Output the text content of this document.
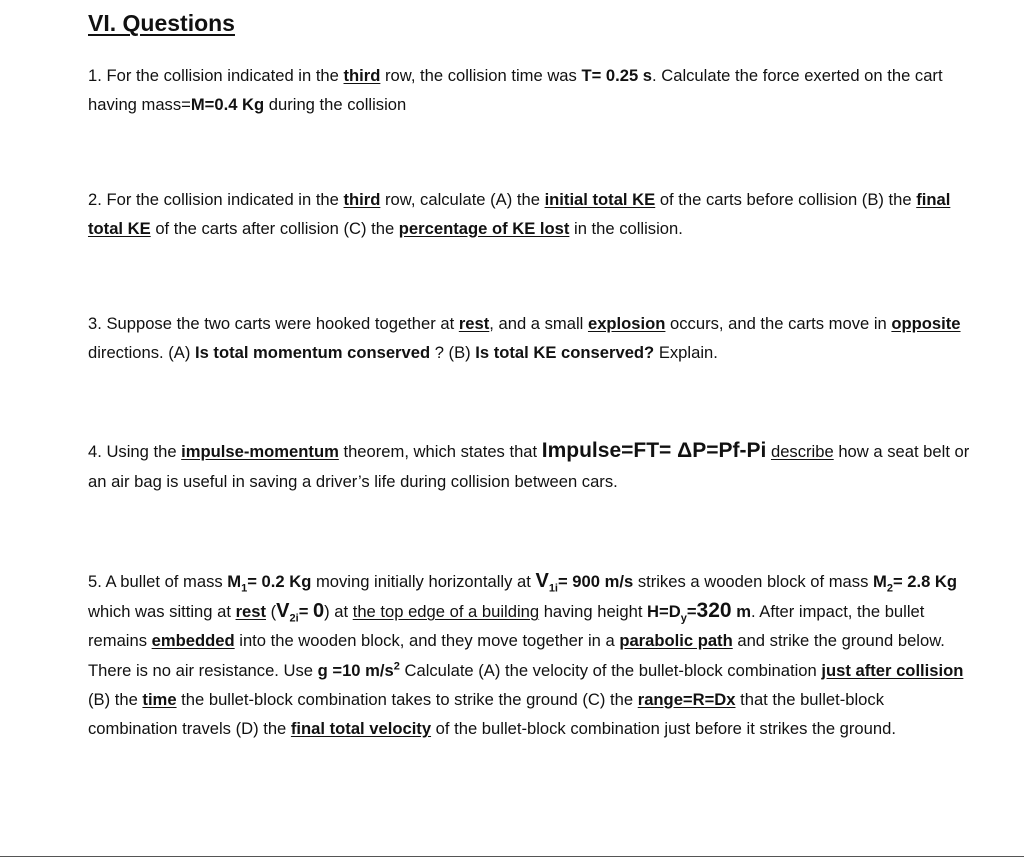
VI. Questions

1. For the collision indicated in the third row, the collision time was T= 0.25 s. Calculate the force exerted on the cart having mass=M=0.4 Kg during the collision

2. For the collision indicated in the third row, calculate (A) the initial total KE of the carts before collision (B) the final total KE of the carts after collision (C) the percentage of KE lost in the collision.

3. Suppose the two carts were hooked together at rest, and a small explosion occurs, and the carts move in opposite directions. (A) Is total momentum conserved ? (B) Is total KE conserved? Explain.

4. Using the impulse-momentum theorem, which states that Impulse=FT= ΔP=Pf-Pi describe how a seat belt or an air bag is useful in saving a driver’s life during collision between cars.

5. A bullet of mass $M_1= 0.2$ Kg moving initially horizontally at $V_{1i}= 900$ m/s strikes a wooden block of mass $M_2= 2.8$ Kg which was sitting at rest $(V_{2i}= 0)$ at the top edge of a building having height $H=D_y=320$ m. After impact, the bullet remains embedded into the wooden block, and they move together in a parabolic path and strike the ground below. There is no air resistance. Use g =10 $m/s^2$ Calculate (A) the velocity of the bullet-block combination just after collision (B) the time the bullet-block combination takes to strike the ground (C) the range=R=Dx that the bullet-block combination travels (D) the final total velocity of the bullet-block combination just before it strikes the ground.
